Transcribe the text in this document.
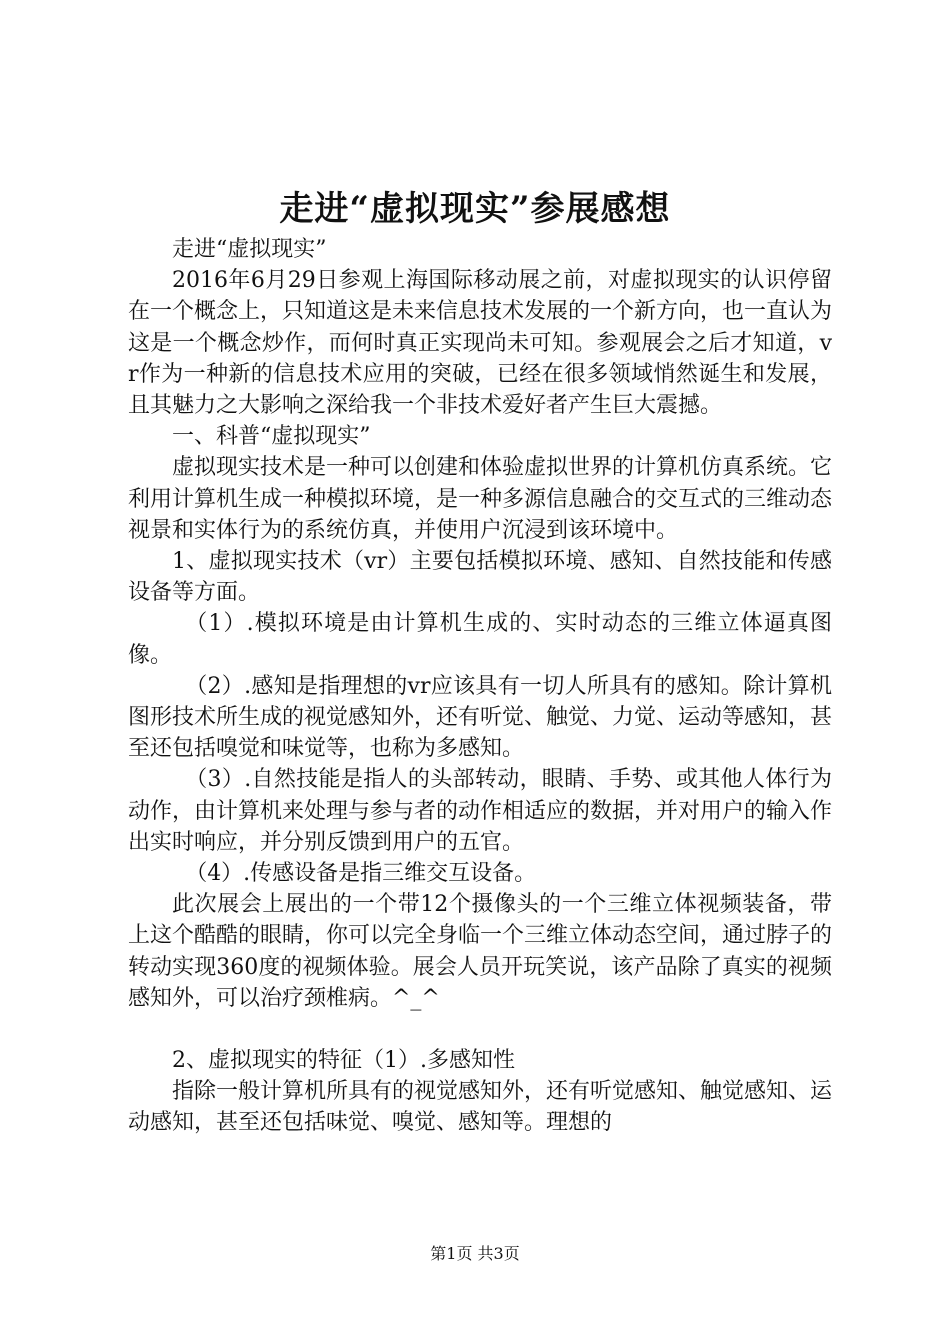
走进“虚拟现实”参展感想

走进“虚拟现实”

2016年6月29日参观上海国际移动展之前，对虚拟现实的认识停留在一个概念上，只知道这是未来信息技术发展的一个新方向，也一直认为这是一个概念炒作，而何时真正实现尚未可知。参观展会之后才知道，vr作为一种新的信息技术应用的突破，已经在很多领域悄然诞生和发展，且其魅力之大影响之深给我一个非技术爱好者产生巨大震撼。

一、科普“虚拟现实”

虚拟现实技术是一种可以创建和体验虚拟世界的计算机仿真系统。它利用计算机生成一种模拟环境，是一种多源信息融合的交互式的三维动态视景和实体行为的系统仿真，并使用户沉浸到该环境中。

1、虚拟现实技术（vr）主要包括模拟环境、感知、自然技能和传感设备等方面。

（1）.模拟环境是由计算机生成的、实时动态的三维立体逼真图像。

（2）.感知是指理想的vr应该具有一切人所具有的感知。除计算机图形技术所生成的视觉感知外，还有听觉、触觉、力觉、运动等感知，甚至还包括嗅觉和味觉等，也称为多感知。

（3）.自然技能是指人的头部转动，眼睛、手势、或其他人体行为动作，由计算机来处理与参与者的动作相适应的数据，并对用户的输入作出实时响应，并分别反馈到用户的五官。

（4）.传感设备是指三维交互设备。

此次展会上展出的一个带12个摄像头的一个三维立体视频装备，带上这个酷酷的眼睛，你可以完全身临一个三维立体动态空间，通过脖子的转动实现360度的视频体验。展会人员开玩笑说，该产品除了真实的视频感知外，可以治疗颈椎病。^_^

2、虚拟现实的特征（1）.多感知性

指除一般计算机所具有的视觉感知外，还有听觉感知、触觉感知、运动感知，甚至还包括味觉、嗅觉、感知等。理想的

第1页 共3页
